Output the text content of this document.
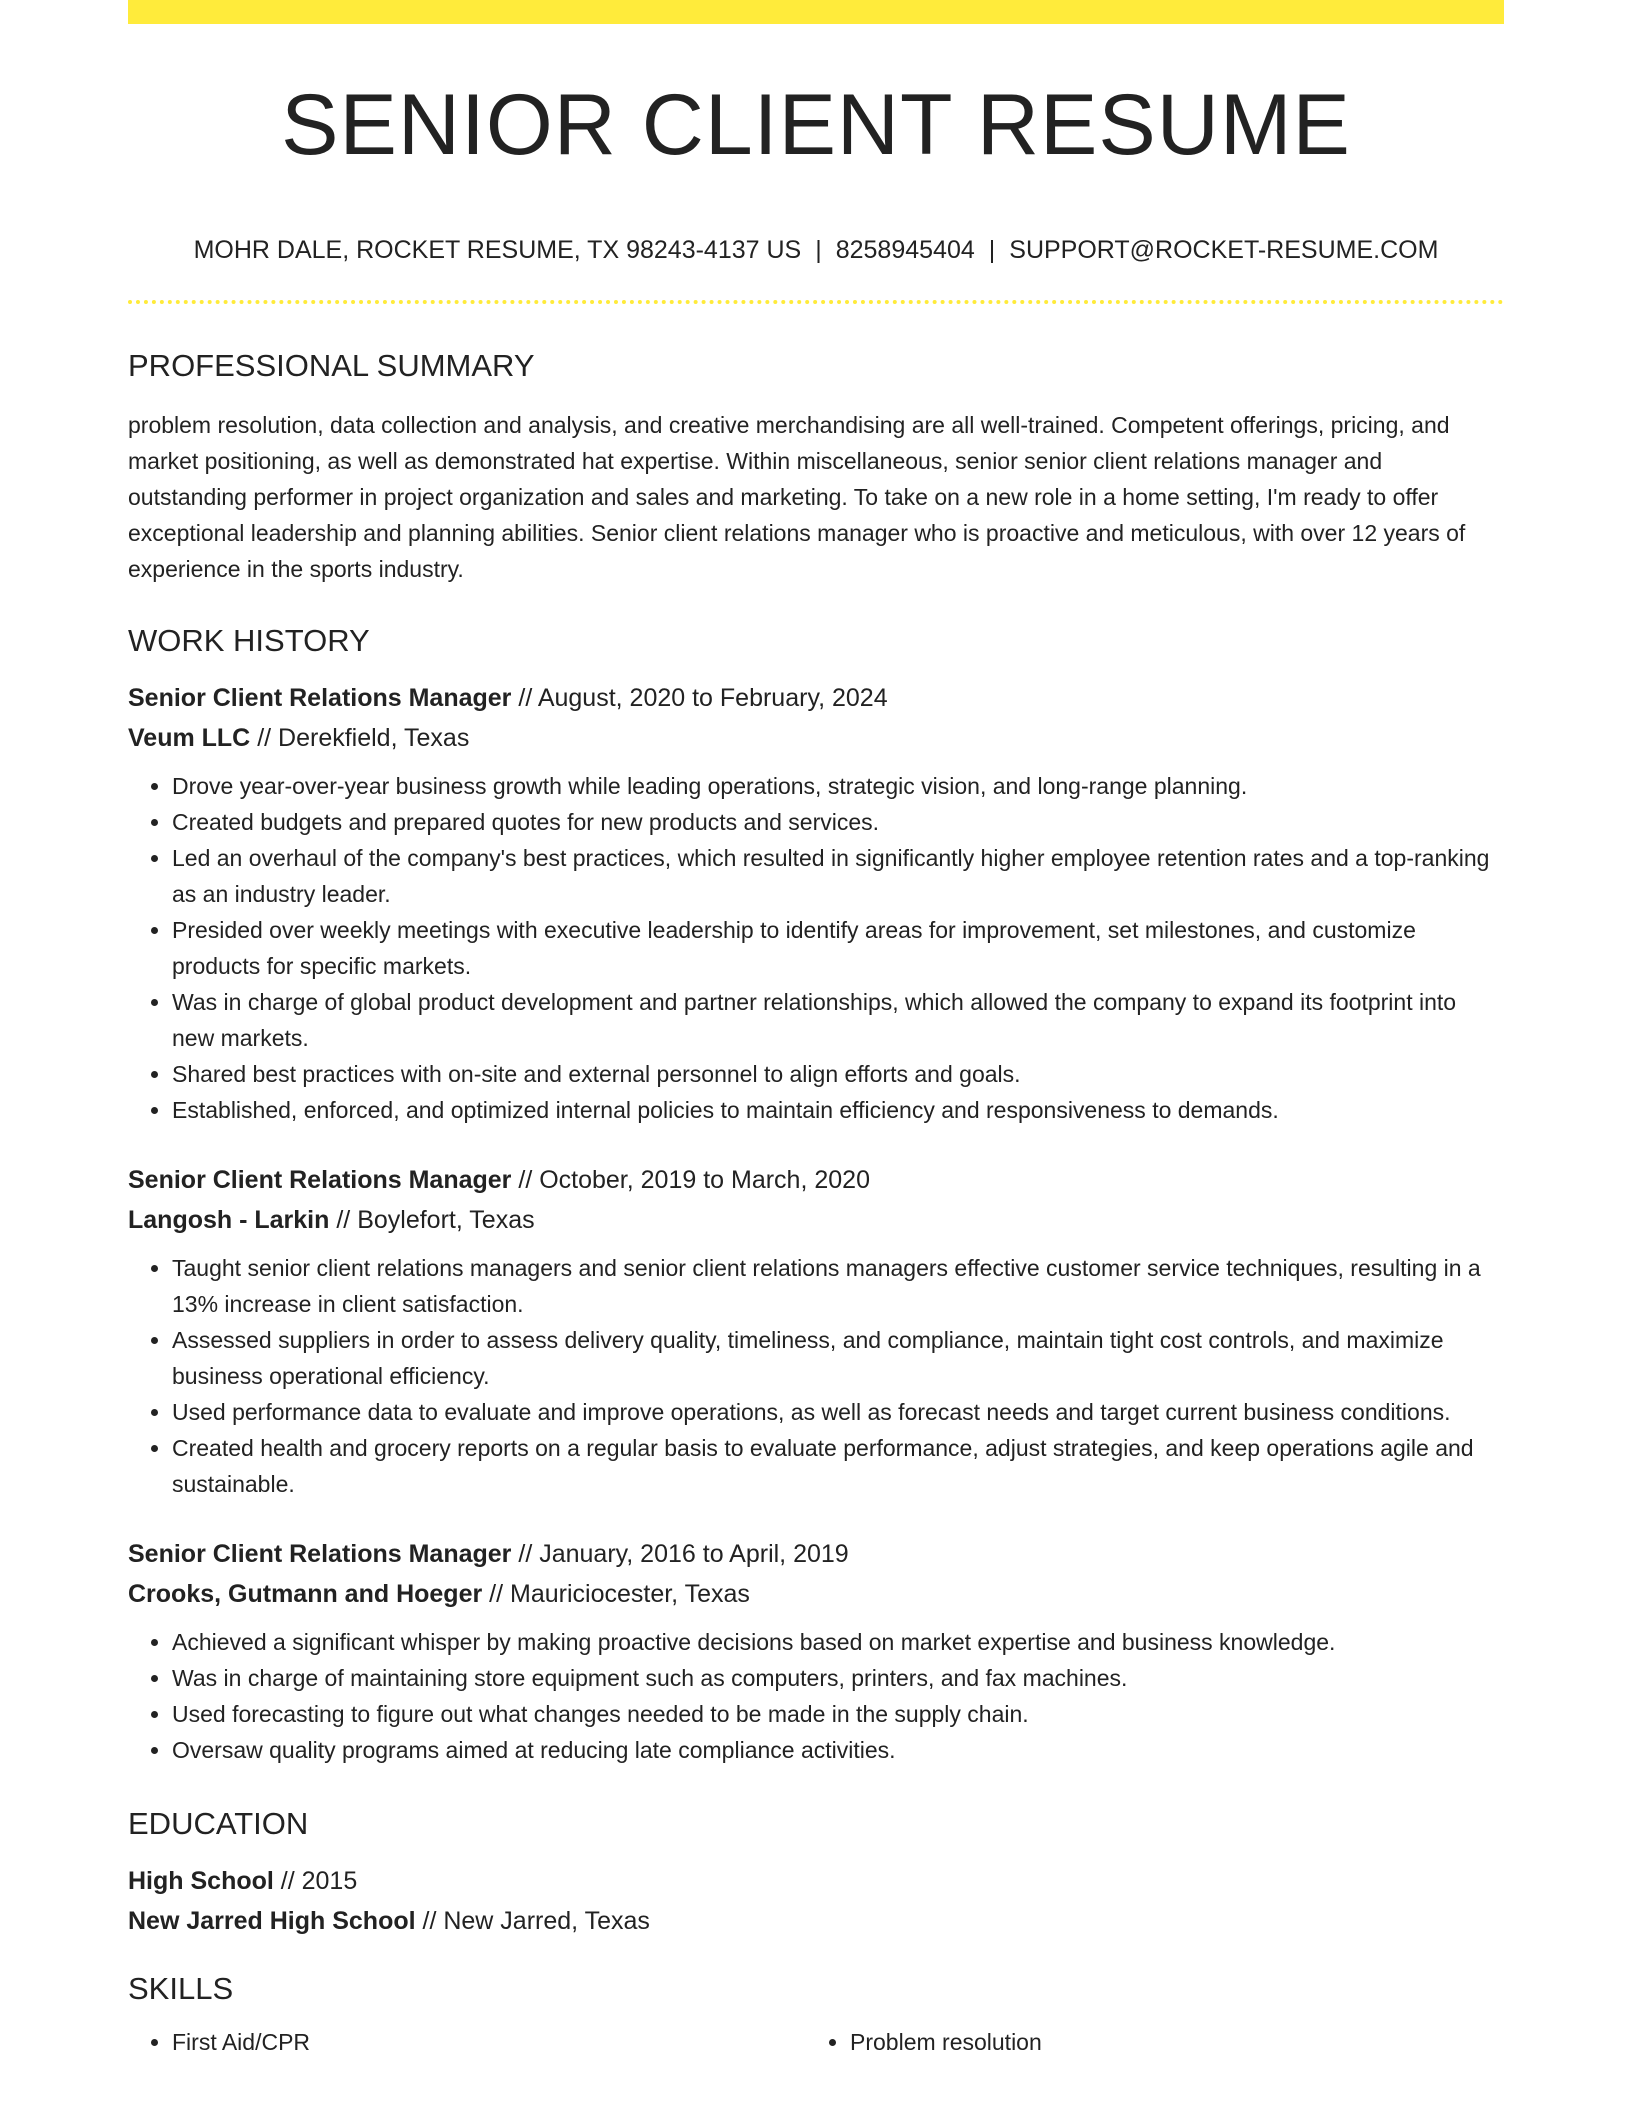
SENIOR CLIENT RESUME
MOHR DALE, ROCKET RESUME, TX 98243-4137 US | 8258945404 | SUPPORT@ROCKET-RESUME.COM
PROFESSIONAL SUMMARY

problem resolution, data collection and analysis, and creative merchandising are all well-trained. Competent offerings, pricing, and market positioning, as well as demonstrated hat expertise. Within miscellaneous, senior senior client relations manager and outstanding performer in project organization and sales and marketing. To take on a new role in a home setting, I'm ready to offer exceptional leadership and planning abilities. Senior client relations manager who is proactive and meticulous, with over 12 years of experience in the sports industry.

WORK HISTORY
Senior Client Relations Manager // August, 2020 to February, 2024
Veum LLC // Derekfield, Texas
• Drove year-over-year business growth while leading operations, strategic vision, and long-range planning.
• Created budgets and prepared quotes for new products and services.
• Led an overhaul of the company's best practices, which resulted in significantly higher employee retention rates and a top-ranking as an industry leader.
• Presided over weekly meetings with executive leadership to identify areas for improvement, set milestones, and customize products for specific markets.
• Was in charge of global product development and partner relationships, which allowed the company to expand its footprint into new markets.
• Shared best practices with on-site and external personnel to align efforts and goals.
• Established, enforced, and optimized internal policies to maintain efficiency and responsiveness to demands.
Senior Client Relations Manager // October, 2019 to March, 2020
Langosh - Larkin // Boylefort, Texas
• Taught senior client relations managers and senior client relations managers effective customer service techniques, resulting in a 13% increase in client satisfaction.
• Assessed suppliers in order to assess delivery quality, timeliness, and compliance, maintain tight cost controls, and maximize business operational efficiency.
• Used performance data to evaluate and improve operations, as well as forecast needs and target current business conditions.
• Created health and grocery reports on a regular basis to evaluate performance, adjust strategies, and keep operations agile and sustainable.
Senior Client Relations Manager // January, 2016 to April, 2019
Crooks, Gutmann and Hoeger // Mauriciocester, Texas
• Achieved a significant whisper by making proactive decisions based on market expertise and business knowledge.
• Was in charge of maintaining store equipment such as computers, printers, and fax machines.
• Used forecasting to figure out what changes needed to be made in the supply chain.
• Oversaw quality programs aimed at reducing late compliance activities.
EDUCATION
High School // 2015
New Jarred High School // New Jarred, Texas
SKILLS
• First Aid/CPR
•	Problem resolution
